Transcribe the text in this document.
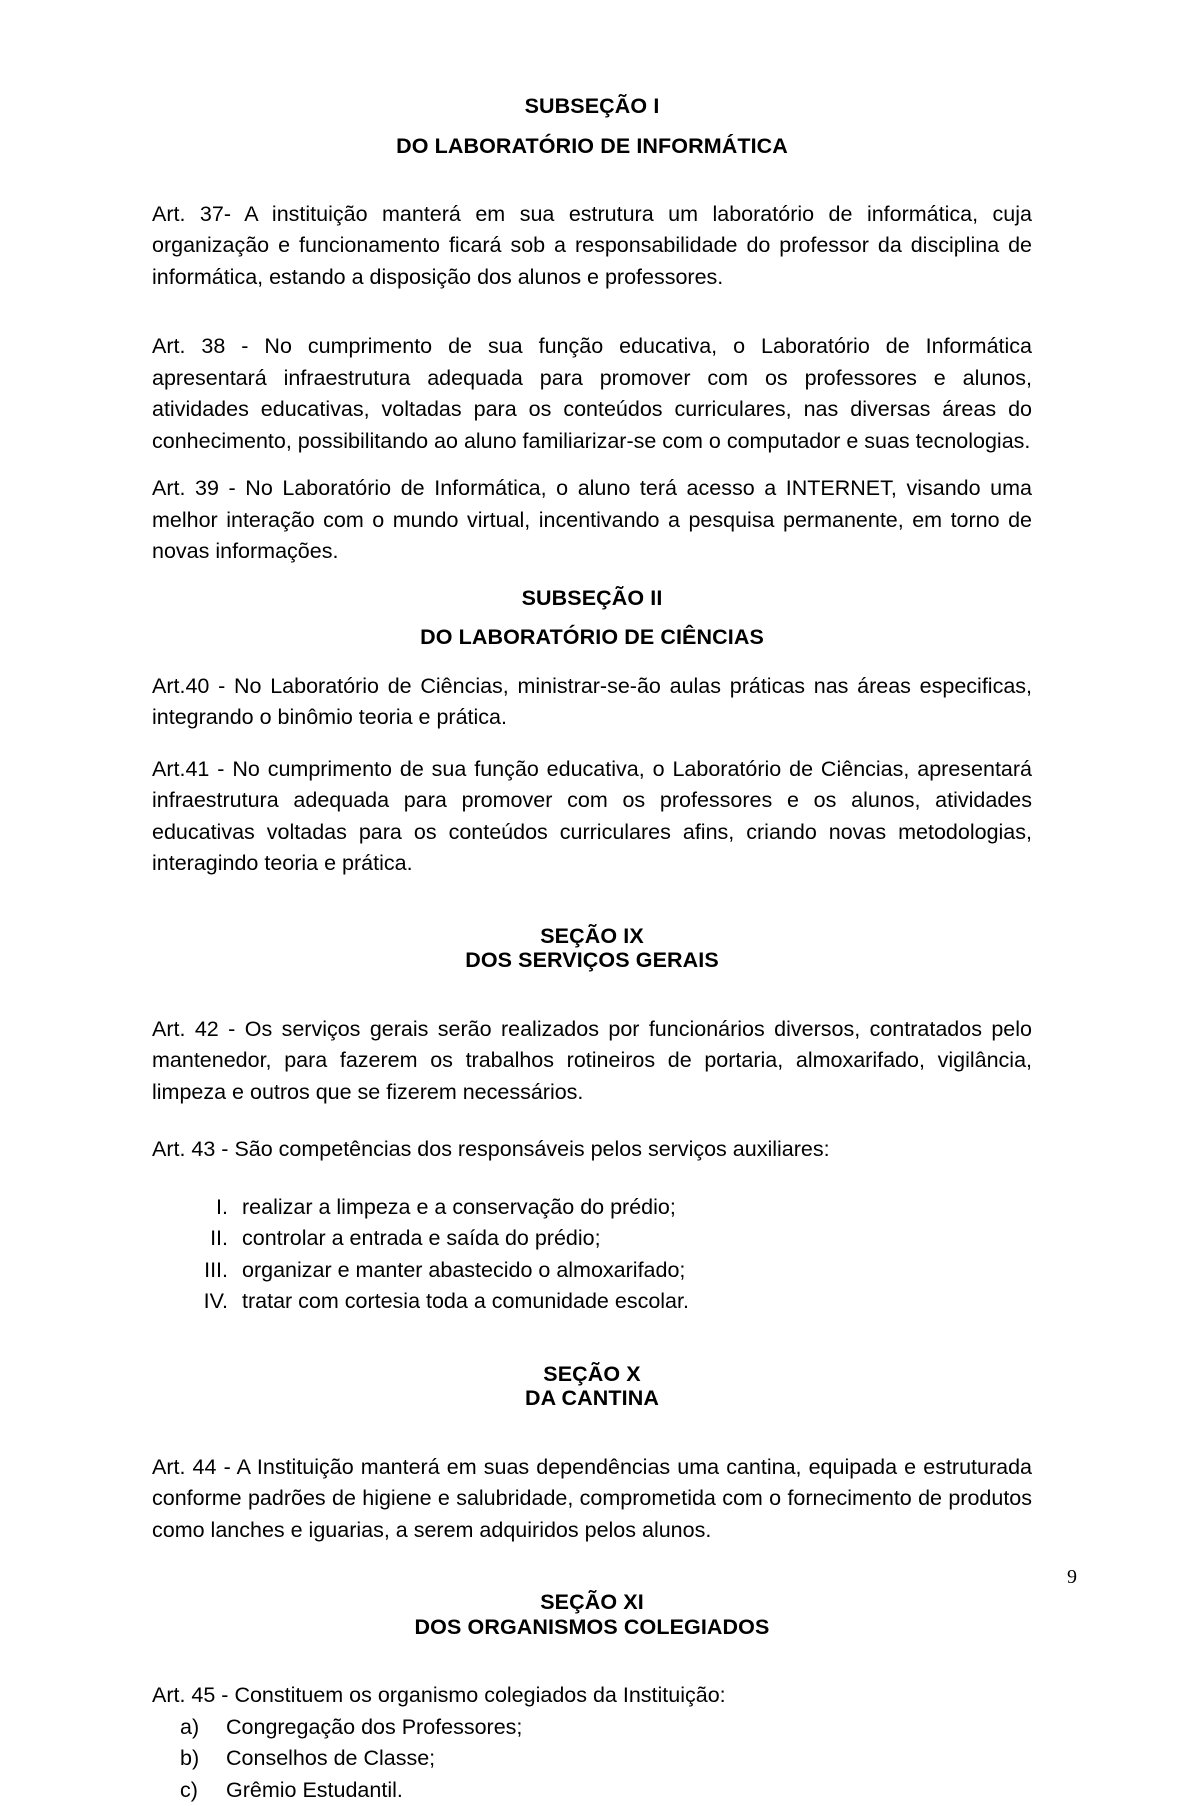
SUBSEÇÃO I
DO LABORATÓRIO DE INFORMÁTICA

Art. 37- A instituição manterá em sua estrutura um laboratório de informática, cuja organização e funcionamento ficará sob a responsabilidade do professor da disciplina de informática, estando a disposição dos alunos e professores.

Art. 38 - No cumprimento de sua função educativa, o Laboratório de Informática apresentará infraestrutura adequada para promover com os professores e alunos, atividades educativas, voltadas para os conteúdos curriculares, nas diversas áreas do conhecimento, possibilitando ao aluno familiarizar-se com o computador e suas tecnologias.

Art. 39 - No Laboratório de Informática, o aluno terá acesso a INTERNET, visando uma melhor interação com o mundo virtual, incentivando a pesquisa permanente, em torno de novas informações.

SUBSEÇÃO II
DO LABORATÓRIO DE CIÊNCIAS

Art.40 - No Laboratório de Ciências, ministrar-se-ão aulas práticas nas áreas especificas, integrando o binômio teoria e prática.

Art.41 - No cumprimento de sua função educativa, o Laboratório de Ciências, apresentará infraestrutura adequada para promover com os professores e os alunos, atividades educativas voltadas para os conteúdos curriculares afins, criando novas metodologias, interagindo teoria e prática.

SEÇÃO IX
DOS SERVIÇOS GERAIS

Art. 42 - Os serviços gerais serão realizados por funcionários diversos, contratados pelo mantenedor, para fazerem os trabalhos rotineiros de portaria, almoxarifado, vigilância, limpeza e outros que se fizerem necessários.

Art. 43 - São competências dos responsáveis pelos serviços auxiliares:

I. realizar a limpeza e a conservação do prédio;
II. controlar a entrada e saída do prédio;
III. organizar e manter abastecido o almoxarifado;
IV. tratar com cortesia toda a comunidade escolar.
SEÇÃO X
DA CANTINA

Art. 44 - A Instituição manterá em suas dependências uma cantina, equipada e estruturada conforme padrões de higiene e salubridade, comprometida com o fornecimento de produtos como lanches e iguarias, a serem adquiridos pelos alunos.

SEÇÃO XI
DOS ORGANISMOS COLEGIADOS

Art. 45 - Constituem os organismo colegiados da Instituição:

a)	Congregação dos Professores;
b)	Conselhos de Classe;
c)	Grêmio Estudantil.
9
